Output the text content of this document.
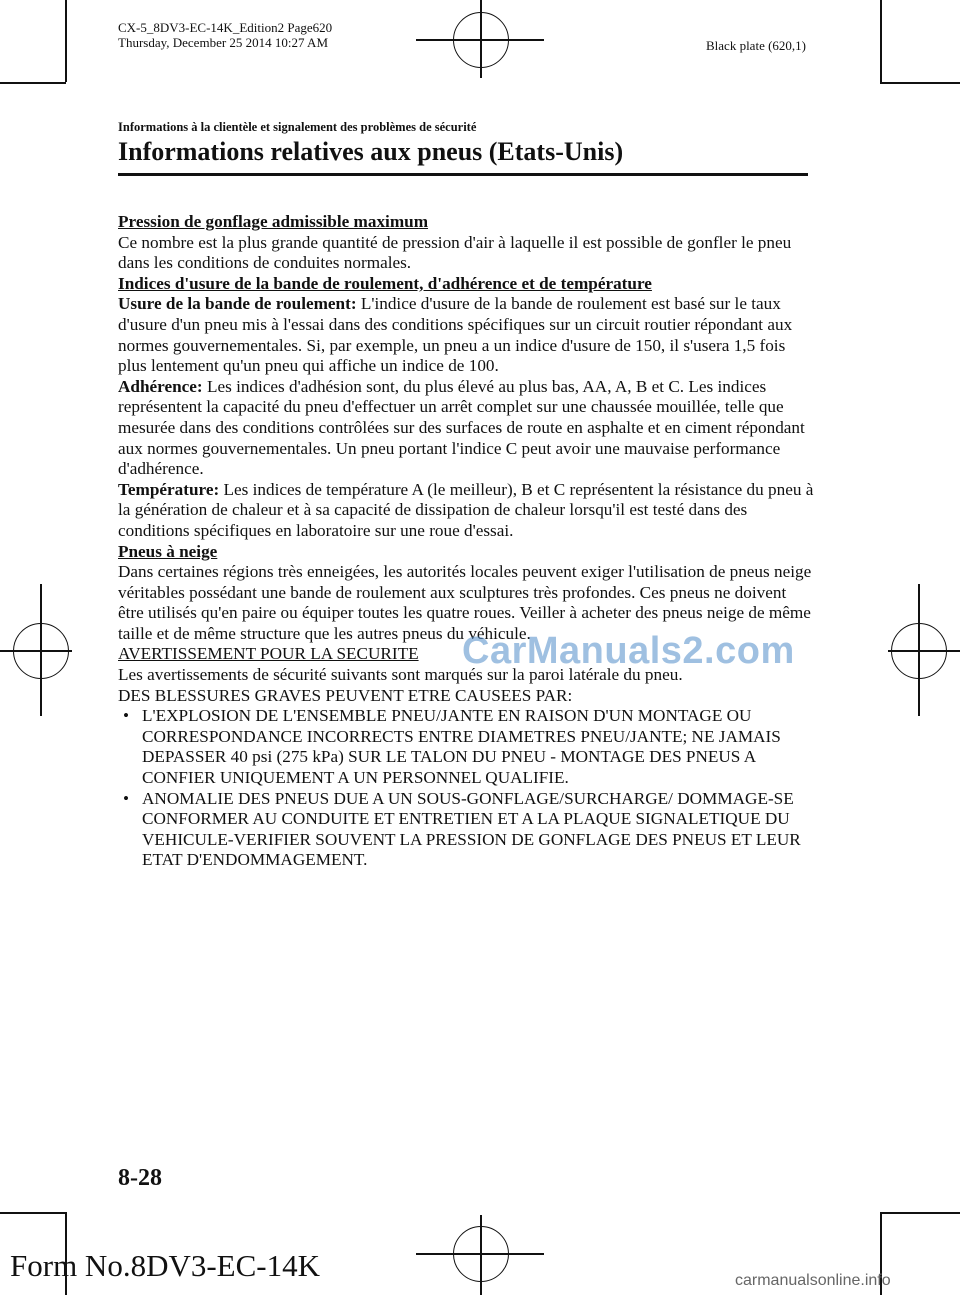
CX-5_8DV3-EC-14K_Edition2 Page620
Thursday, December 25 2014 10:27 AM	Black plate (620,1)
Informations à la clientèle et signalement des problèmes de sécurité
Informations relatives aux pneus (Etats-Unis)

Pression de gonflage admissible maximum

Ce nombre est la plus grande quantité de pression d'air à laquelle il est possible de gonfler le pneu dans les conditions de conduites normales.

Indices d'usure de la bande de roulement, d'adhérence et de température

Usure de la bande de roulement: L'indice d'usure de la bande de roulement est basé sur le taux d'usure d'un pneu mis à l'essai dans des conditions spécifiques sur un circuit routier répondant aux normes gouvernementales. Si, par exemple, un pneu a un indice d'usure de 150, il s'usera 1,5 fois plus lentement qu'un pneu qui affiche un indice de 100.

Adhérence: Les indices d'adhésion sont, du plus élevé au plus bas, AA, A, B et C. Les indices représentent la capacité du pneu d'effectuer un arrêt complet sur une chaussée mouillée, telle que mesurée dans des conditions contrôlées sur des surfaces de route en asphalte et en ciment répondant aux normes gouvernementales. Un pneu portant l'indice C peut avoir une mauvaise performance d'adhérence.

Température: Les indices de température A (le meilleur), B et C représentent la résistance du pneu à la génération de chaleur et à sa capacité de dissipation de chaleur lorsqu'il est testé dans des conditions spécifiques en laboratoire sur une roue d'essai.

Pneus à neige

Dans certaines régions très enneigées, les autorités locales peuvent exiger l'utilisation de pneus neige véritables possédant une bande de roulement aux sculptures très profondes. Ces pneus ne doivent être utilisés qu'en paire ou équiper toutes les quatre roues. Veiller à acheter des pneus neige de même taille et de même structure que les autres pneus du véhicule.

AVERTISSEMENT POUR LA SECURITE

Les avertissements de sécurité suivants sont marqués sur la paroi latérale du pneu.

DES BLESSURES GRAVES PEUVENT ETRE CAUSEES PAR:

• L'EXPLOSION DE L'ENSEMBLE PNEU/JANTE EN RAISON D'UN MONTAGE OU CORRESPONDANCE INCORRECTS ENTRE DIAMETRES PNEU/JANTE; NE JAMAIS DEPASSER 40 psi (275 kPa) SUR LE TALON DU PNEU - MONTAGE DES PNEUS A CONFIER UNIQUEMENT A UN PERSONNEL QUALIFIE.
• ANOMALIE DES PNEUS DUE A UN SOUS-GONFLAGE/SURCHARGE/ DOMMAGE-SE CONFORMER AU CONDUITE ET ENTRETIEN ET A LA PLAQUE SIGNALETIQUE DU VEHICULE-VERIFIER SOUVENT LA PRESSION DE GONFLAGE DES PNEUS ET LEUR ETAT D'ENDOMMAGEMENT.
CarManuals2.com
8-28
Form No.8DV3-EC-14K	carmanualsonline.info
